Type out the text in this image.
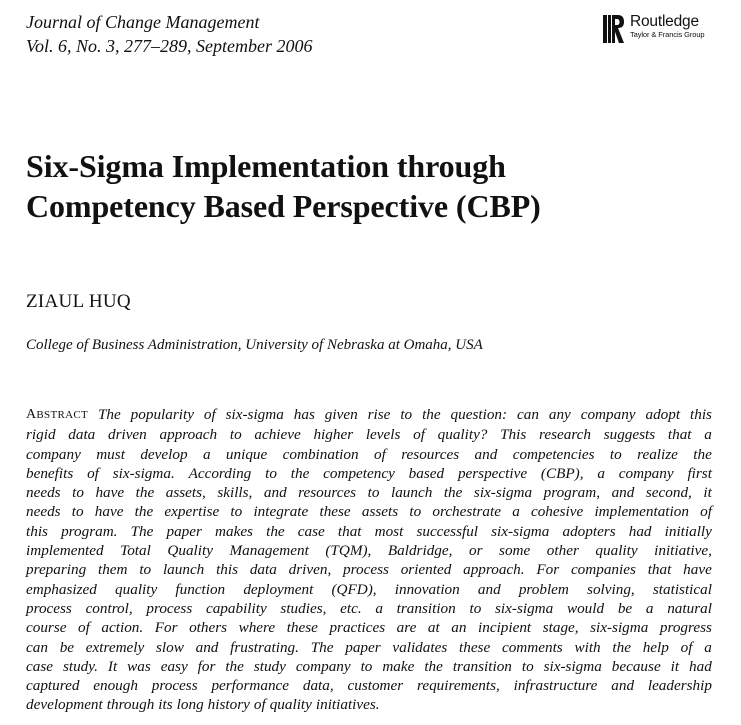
Journal of Change Management
Vol. 6, No. 3, 277–289, September 2006
Routledge
Taylor & Francis Group
Six-Sigma Implementation through
Competency Based Perspective (CBP)
ZIAUL HUQ
College of Business Administration, University of Nebraska at Omaha, USA
ABSTRACT The popularity of six-sigma has given rise to the question: can any company adopt this
rigid data driven approach to achieve higher levels of quality? This research suggests that a
company must develop a unique combination of resources and competencies to realize the
benefits of six-sigma. According to the competency based perspective (CBP), a company first
needs to have the assets, skills, and resources to launch the six-sigma program, and second, it
needs to have the expertise to integrate these assets to orchestrate a cohesive implementation of
this program. The paper makes the case that most successful six-sigma adopters had initially
implemented Total Quality Management (TQM), Baldridge, or some other quality initiative,
preparing them to launch this data driven, process oriented approach. For companies that have
emphasized quality function deployment (QFD), innovation and problem solving, statistical
process control, process capability studies, etc. a transition to six-sigma would be a natural
course of action. For others where these practices are at an incipient stage, six-sigma progress
can be extremely slow and frustrating. The paper validates these comments with the help of a
case study. It was easy for the study company to make the transition to six-sigma because it had
captured enough process performance data, customer requirements, infrastructure and leadership
development through its long history of quality initiatives.
